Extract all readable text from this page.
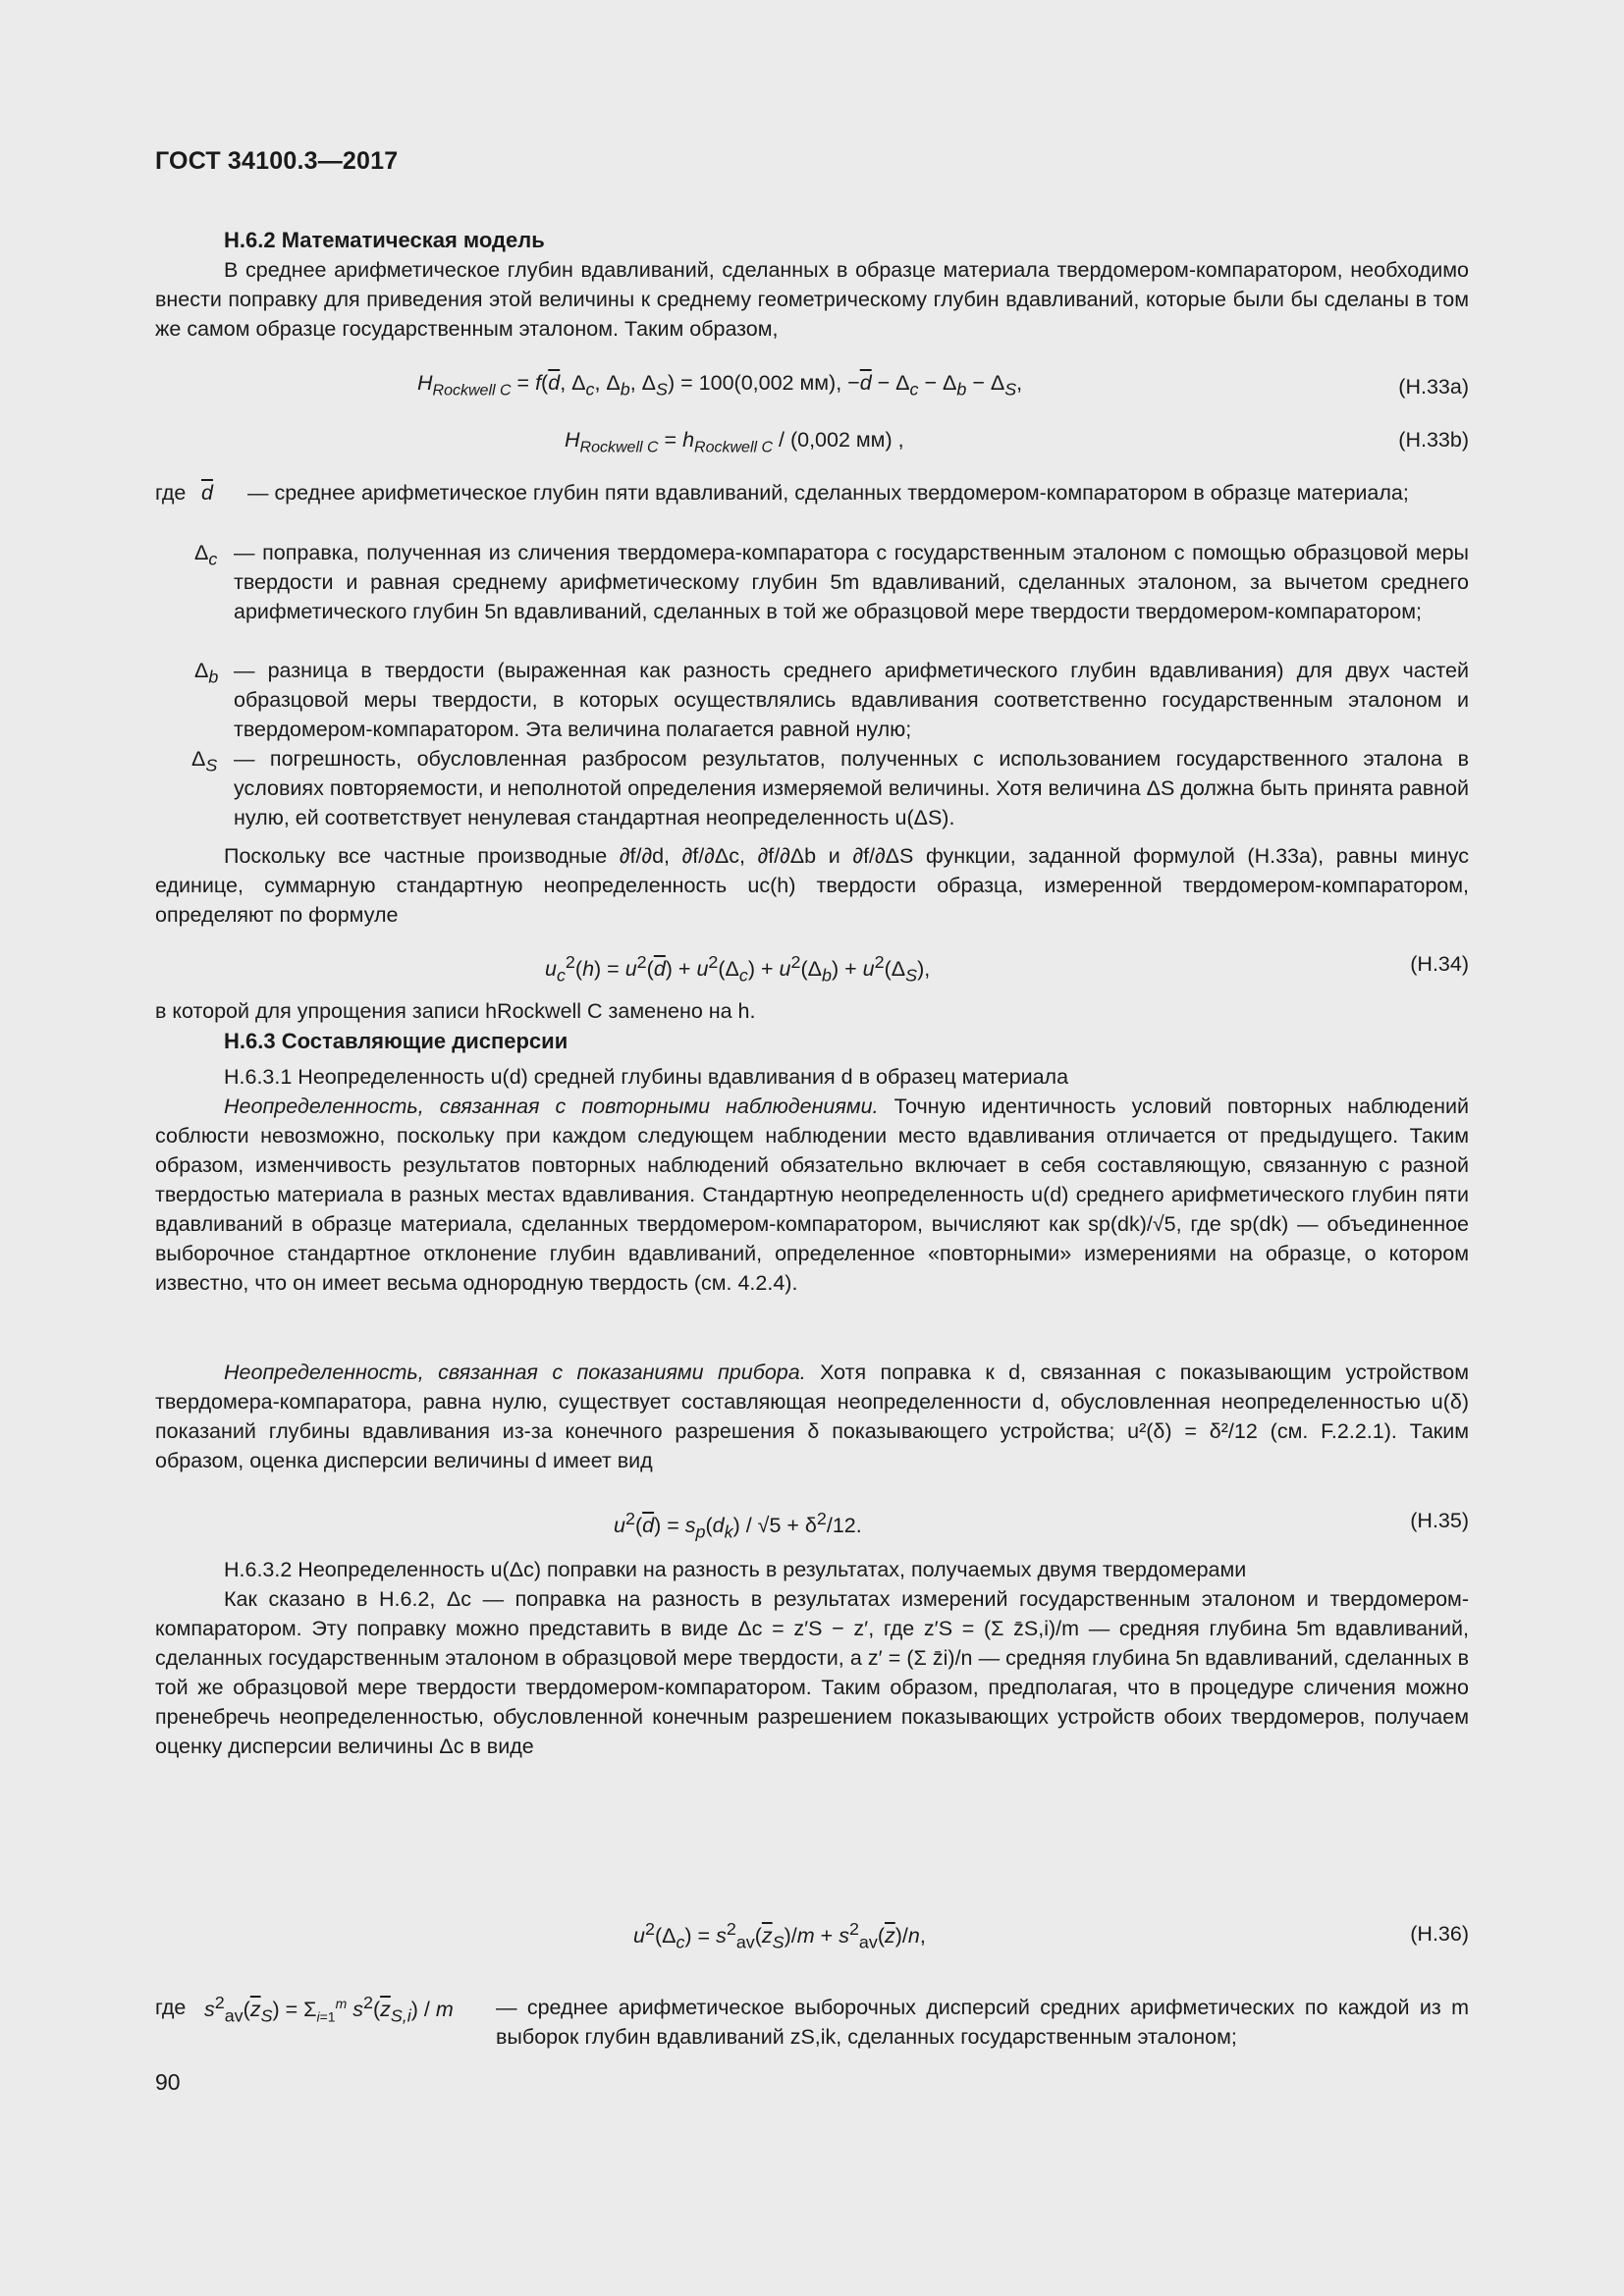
ГОСТ 34100.3—2017
Н.6.2 Математическая модель
В среднее арифметическое глубин вдавливаний, сделанных в образце материала твердомером-компаратором, необходимо внести поправку для приведения этой величины к среднему геометрическому глубин вдавливаний, которые были бы сделаны в том же самом образце государственным эталоном. Таким образом,
$H_{Rockwell C} = f(\overline{d}$, $\Delta_c$, $\Delta_b$, $\Delta_S) = 100(0,002$ мм), $-\overline{d} - \Delta_c - \Delta_b - \Delta_S$,	(Н.33а)
$H_{Rockwell C} = h_{Rockwell C} / (0,002$ мм) ,	(Н.33b)
где $\overline{d}$ — среднее арифметическое глубин пяти вдавливаний, сделанных твердомером-компаратором в образце материала;
$\Delta_c$ — поправка, полученная из сличения твердомера-компаратора с государственным эталоном с помощью образцовой меры твердости и равная среднему арифметическому глубин 5m вдавливаний, сделанных эталоном, за вычетом среднего арифметического глубин 5n вдавливаний, сделанных в той же образцовой мере твердости твердомером-компаратором;
$\Delta_b$ — разница в твердости (выраженная как разность среднего арифметического глубин вдавливания) для двух частей образцовой меры твердости, в которых осуществлялись вдавливания соответственно государственным эталоном и твердомером-компаратором. Эта величина полагается равной нулю;
$\Delta_S$ — погрешность, обусловленная разбросом результатов, полученных с использованием государственного эталона в условиях повторяемости, и неполнотой определения измеряемой величины. Хотя величина ΔS должна быть принята равной нулю, ей соответствует ненулевая стандартная неопределенность u(ΔS).
Поскольку все частные производные ∂f/∂d, ∂f/∂Δc, ∂f/∂Δb и ∂f/∂ΔS функции, заданной формулой (Н.33а), равны минус единице, суммарную стандартную неопределенность uc(h) твердости образца, измеренной твердомером-компаратором, определяют по формуле
$u_c^2(h) = u^2(\overline{d}) + u^2(\Delta_c) + u^2(\Delta_b) + u^2(\Delta_S)$,	(Н.34)
в которой для упрощения записи hRockwell C заменено на h.
Н.6.3 Составляющие дисперсии
Н.6.3.1 Неопределенность u(d) средней глубины вдавливания d в образец материала
Неопределенность, связанная с повторными наблюдениями. Точную идентичность условий повторных наблюдений соблюсти невозможно, поскольку при каждом следующем наблюдении место вдавливания отличается от предыдущего. Таким образом, изменчивость результатов повторных наблюдений обязательно включает в себя составляющую, связанную с разной твердостью материала в разных местах вдавливания. Стандартную неопределенность u(d) среднего арифметического глубин пяти вдавливаний в образце материала, сделанных твердомером-компаратором, вычисляют как sp(dk)/√5, где sp(dk) — объединенное выборочное стандартное отклонение глубин вдавливаний, определенное «повторными» измерениями на образце, о котором известно, что он имеет весьма однородную твердость (см. 4.2.4).
Неопределенность, связанная с показаниями прибора. Хотя поправка к d, связанная с показывающим устройством твердомера-компаратора, равна нулю, существует составляющая неопределенности d, обусловленная неопределенностью u(δ) показаний глубины вдавливания из-за конечного разрешения δ показывающего устройства; u²(δ) = δ²/12 (см. F.2.2.1). Таким образом, оценка дисперсии величины d имеет вид
$u^2(\overline{d}) = s_p(d_k) / √5 + \delta^2/12$.	(Н.35)
Н.6.3.2 Неопределенность u(Δc) поправки на разность в результатах, получаемых двумя твердомерами
Как сказано в Н.6.2, Δc — поправка на разность в результатах измерений государственным эталоном и твердомером-компаратором. Эту поправку можно представить в виде Δc = z′S − z′, где z′S = (Σ z̄S,i)/m — средняя глубина 5m вдавливаний, сделанных государственным эталоном в образцовой мере твердости, а z′ = (Σ z̄i)/n — средняя глубина 5n вдавливаний, сделанных в той же образцовой мере твердости твердомером-компаратором. Таким образом, предполагая, что в процедуре сличения можно пренебречь неопределенностью, обусловленной конечным разрешением показывающих устройств обоих твердомеров, получаем оценку дисперсии величины Δc в виде
$u^2(\Delta_c) = s^2_{av}(\overline{z}_S)/m + s^2_{av}(\overline{z})/n$,	(Н.36)
где $s^2_{av}(\overline{z}_S) = \Sigma_{i=1}^m$ $s^2(\overline{z}_{S,i})$ / m — среднее арифметическое выборочных дисперсий средних арифметических по каждой из m выборок глубин вдавливаний zS,ik, сделанных государственным эталоном;
90
